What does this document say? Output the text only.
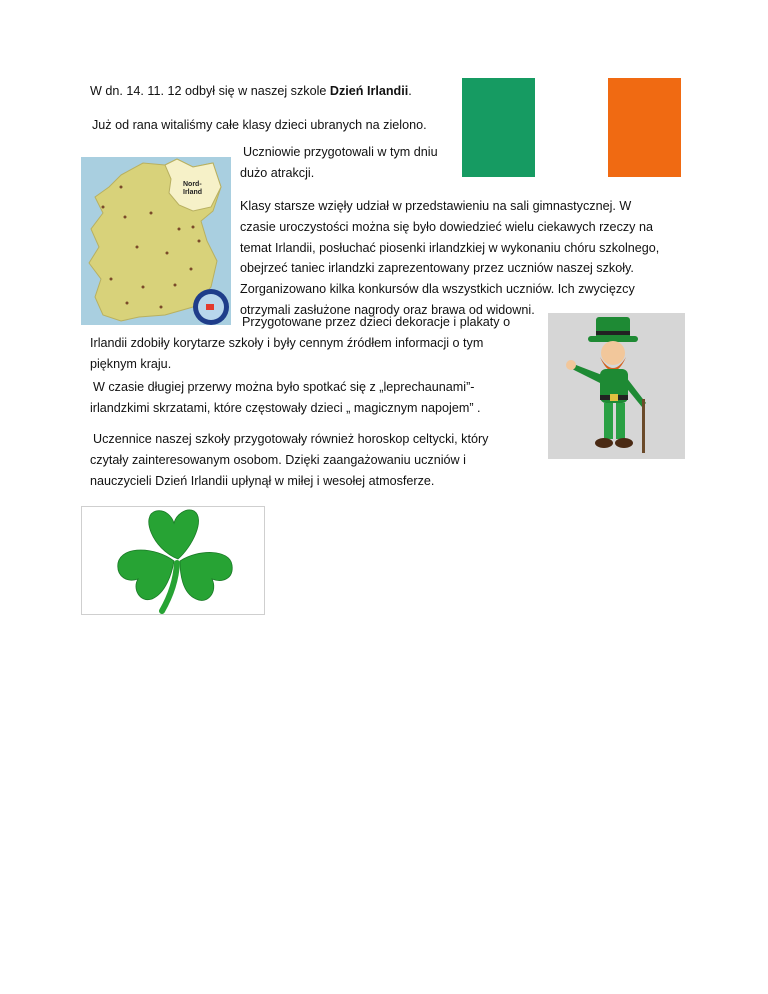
Nord-
Irland
W dn. 14. 11. 12 odbył się w naszej szkole Dzień Irlandii.
Już od rana witaliśmy całe klasy dzieci ubranych na zielono.
Uczniowie przygotowali w tym dniu
dużo atrakcji.
Klasy starsze wzięły udział w przedstawieniu na sali gimnastycznej. W
czasie uroczystości można się było dowiedzieć wielu ciekawych rzeczy na
temat Irlandii, posłuchać piosenki irlandzkiej w wykonaniu chóru szkolnego,
obejrzeć taniec irlandzki zaprezentowany przez uczniów naszej szkoły.
Zorganizowano kilka konkursów dla wszystkich uczniów. Ich zwycięzcy
otrzymali zasłużone nagrody oraz brawa od widowni.
Przygotowane przez dzieci dekoracje i plakaty o
Irlandii zdobiły korytarze szkoły i były cennym źródłem informacji o tym
pięknym kraju.
W czasie długiej przerwy można było spotkać się z „leprechaunami”-
irlandzkimi skrzatami, które częstowały dzieci „ magicznym napojem” .
Uczennice naszej szkoły przygotowały również horoskop celtycki, który
czytały zainteresowanym osobom. Dzięki zaangażowaniu uczniów i
nauczycieli Dzień Irlandii upłynął w miłej i wesołej atmosferze.
